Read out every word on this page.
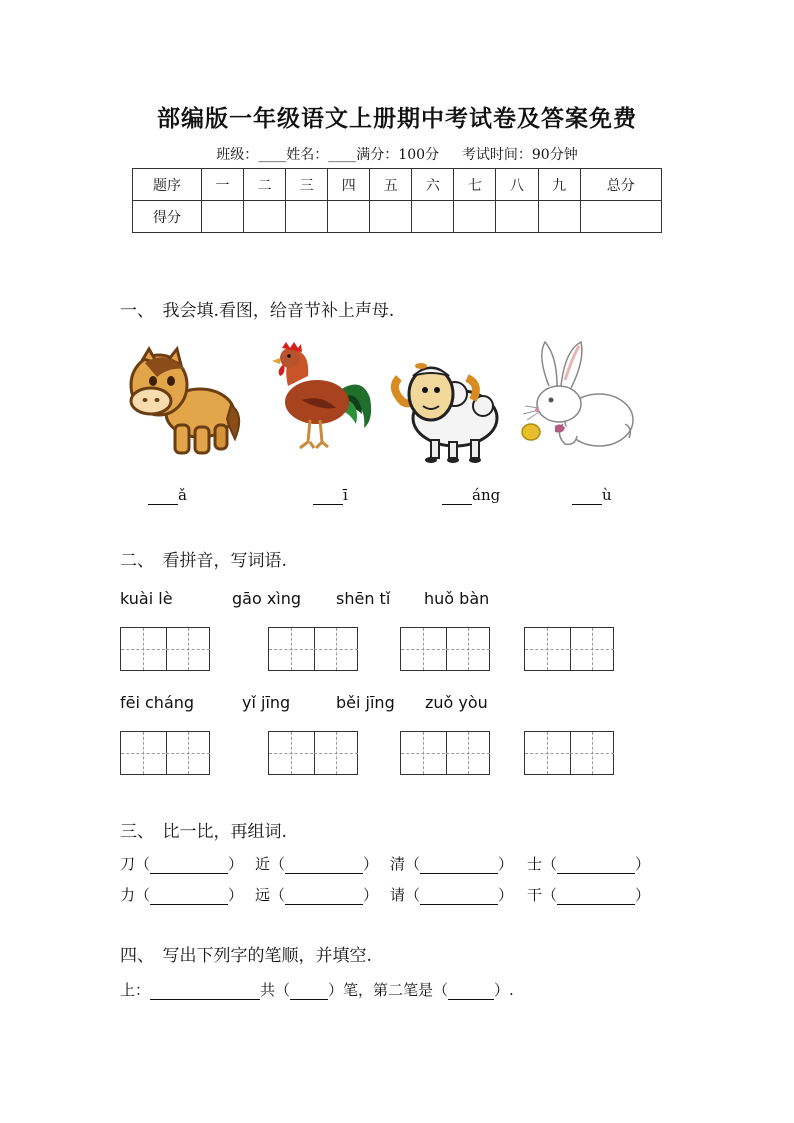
部编版一年级语文上册期中考试卷及答案免费
班级：____姓名：____满分：100分　  考试时间：90分钟
题序	一	二	三	四	五	六	七	八	九	总分
得分										
一、　我会填.看图，给音节补上声母.
ǎ	ī	áng	ù
二、　看拼音，写词语.
kuài lè	gāo xìng shēn tǐ huǒ bàn
fēi cháng	yǐ jīng	běi jīng zuǒ yòu
三、　比一比，再组词.
刀（	） 近（	） 清（	） 士（	）
力（	） 远（	） 请（	） 干（	）
四、　写出下列字的笔顺，并填空.
上：	共（	）笔，第二笔是（	）.
